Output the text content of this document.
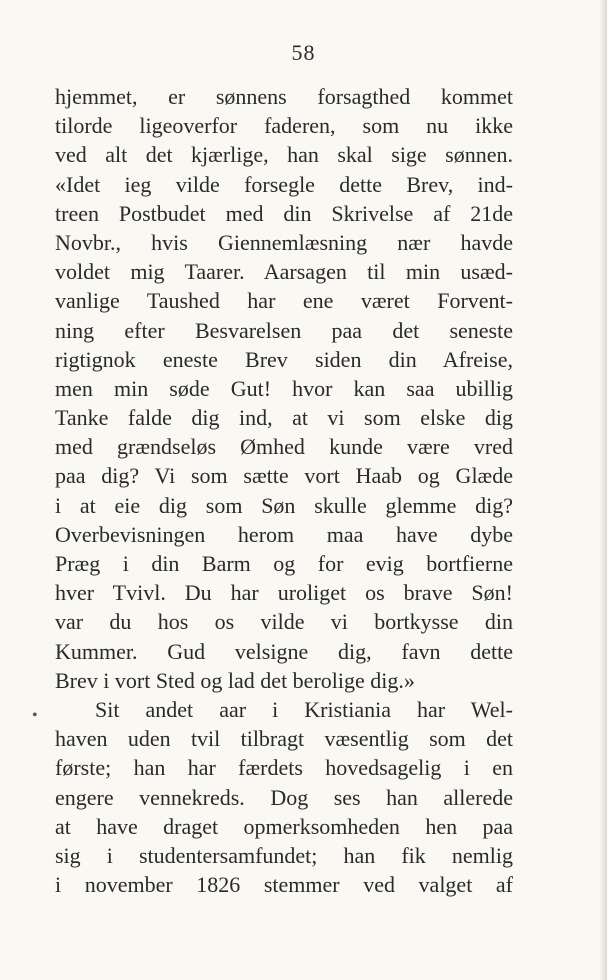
58
•
hjemmet, er sønnens forsagthed kommet
tilorde ligeoverfor faderen, som nu ikke
ved alt det kjærlige, han skal sige sønnen.
«Idet ieg vilde forsegle dette Brev, ind-
treen Postbudet med din Skrivelse af 21de
Novbr., hvis Giennemlæsning nær havde
voldet mig Taarer. Aarsagen til min usæd-
vanlige Taushed har ene været Forvent-
ning efter Besvarelsen paa det seneste
rigtignok eneste Brev siden din Afreise,
men min søde Gut! hvor kan saa ubillig
Tanke falde dig ind, at vi som elske dig
med grændseløs Ømhed kunde være vred
paa dig? Vi som sætte vort Haab og Glæde
i at eie dig som Søn skulle glemme dig?
Overbevisningen herom maa have dybe
Præg i din Barm og for evig bortfierne
hver Tvivl. Du har uroliget os brave Søn!
var du hos os vilde vi bortkysse din
Kummer. Gud velsigne dig, favn dette
Brev i vort Sted og lad det berolige dig.»
Sit andet aar i Kristiania har Wel-
haven uden tvil tilbragt væsentlig som det
første; han har færdets hovedsagelig i en
engere vennekreds. Dog ses han allerede
at have draget opmerksomheden hen paa
sig i studentersamfundet; han fik nemlig
i november 1826 stemmer ved valget af
